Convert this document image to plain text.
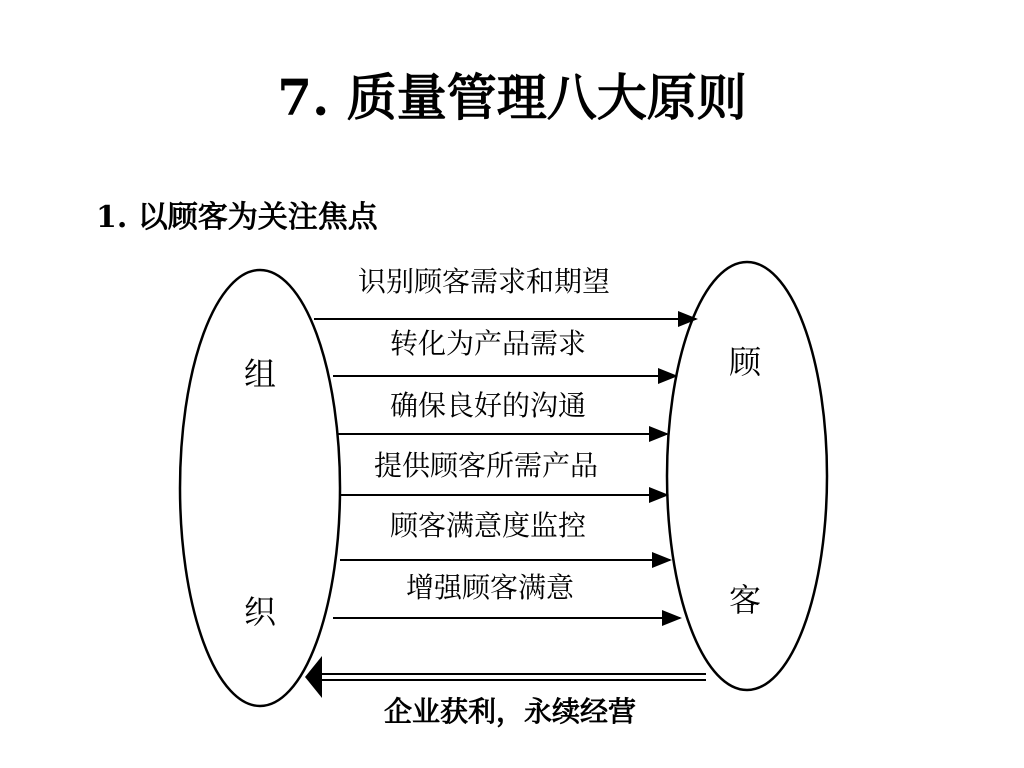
7. 质量管理八大原则
1. 以顾客为关注焦点
组
织
顾
客
识别顾客需求和期望
转化为产品需求
确保良好的沟通
提供顾客所需产品
顾客满意度监控
增强顾客满意
企业获利，永续经营
